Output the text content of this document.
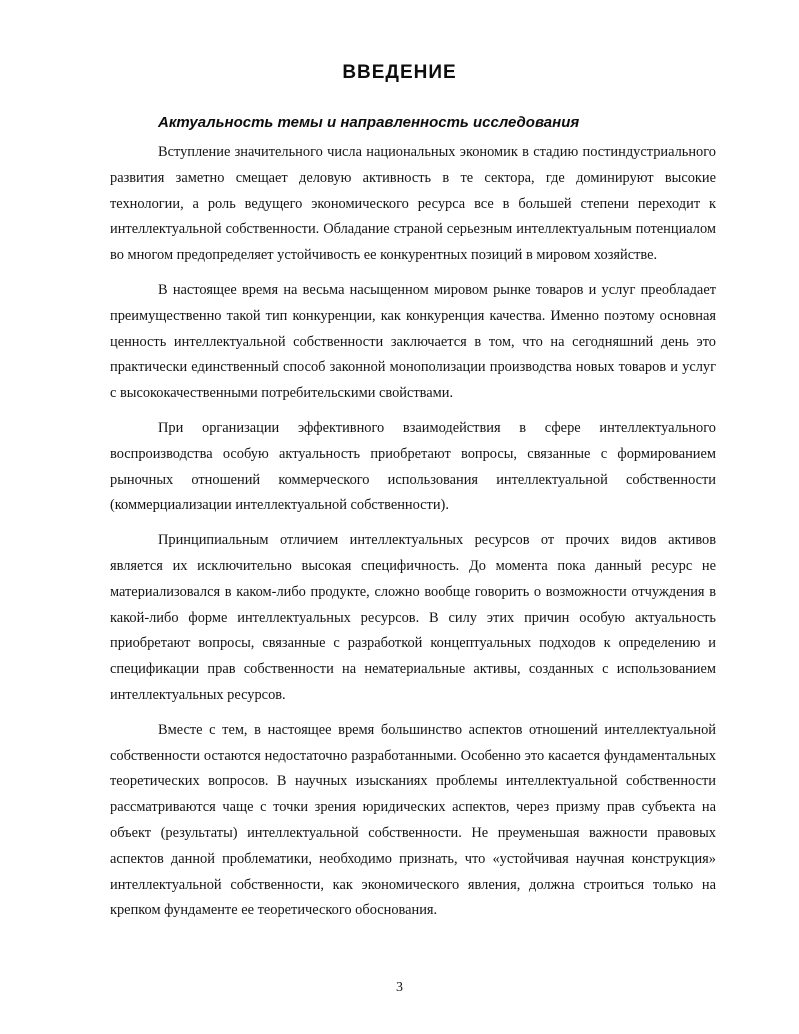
ВВЕДЕНИЕ
Актуальность темы и направленность исследования

Вступление значительного числа национальных экономик в стадию постиндустриального развития заметно смещает деловую активность в те сектора, где доминируют высокие технологии, а роль ведущего экономического ресурса все в большей степени переходит к интеллектуальной собственности. Обладание страной серьезным интеллектуальным потенциалом во многом предопределяет устойчивость ее конкурентных позиций в мировом хозяйстве.

В настоящее время на весьма насыщенном мировом рынке товаров и услуг преобладает преимущественно такой тип конкуренции, как конкуренция качества. Именно поэтому основная ценность интеллектуальной собственности заключается в том, что на сегодняшний день это практически единственный способ законной монополизации производства новых товаров и услуг с высококачественными потребительскими свойствами.

При организации эффективного взаимодействия в сфере интеллектуального воспроизводства особую актуальность приобретают вопросы, связанные с формированием рыночных отношений коммерческого использования интеллектуальной собственности (коммерциализации интеллектуальной собственности).

Принципиальным отличием интеллектуальных ресурсов от прочих видов активов является их исключительно высокая специфичность. До момента пока данный ресурс не материализовался в каком-либо продукте, сложно вообще говорить о возможности отчуждения в какой-либо форме интеллектуальных ресурсов. В силу этих причин особую актуальность приобретают вопросы, связанные с разработкой концептуальных подходов к определению и спецификации прав собственности на нематериальные активы, созданных с использованием интеллектуальных ресурсов.

Вместе с тем, в настоящее время большинство аспектов отношений интеллектуальной собственности остаются недостаточно разработанными. Особенно это касается фундаментальных теоретических вопросов. В научных изысканиях проблемы интеллектуальной собственности рассматриваются чаще с точки зрения юридических аспектов, через призму прав субъекта на объект (результаты) интеллектуальной собственности. Не преуменьшая важности правовых аспектов данной проблематики, необходимо признать, что «устойчивая научная конструкция» интеллектуальной собственности, как экономического явления, должна строиться только на крепком фундаменте ее теоретического обоснования.

3
